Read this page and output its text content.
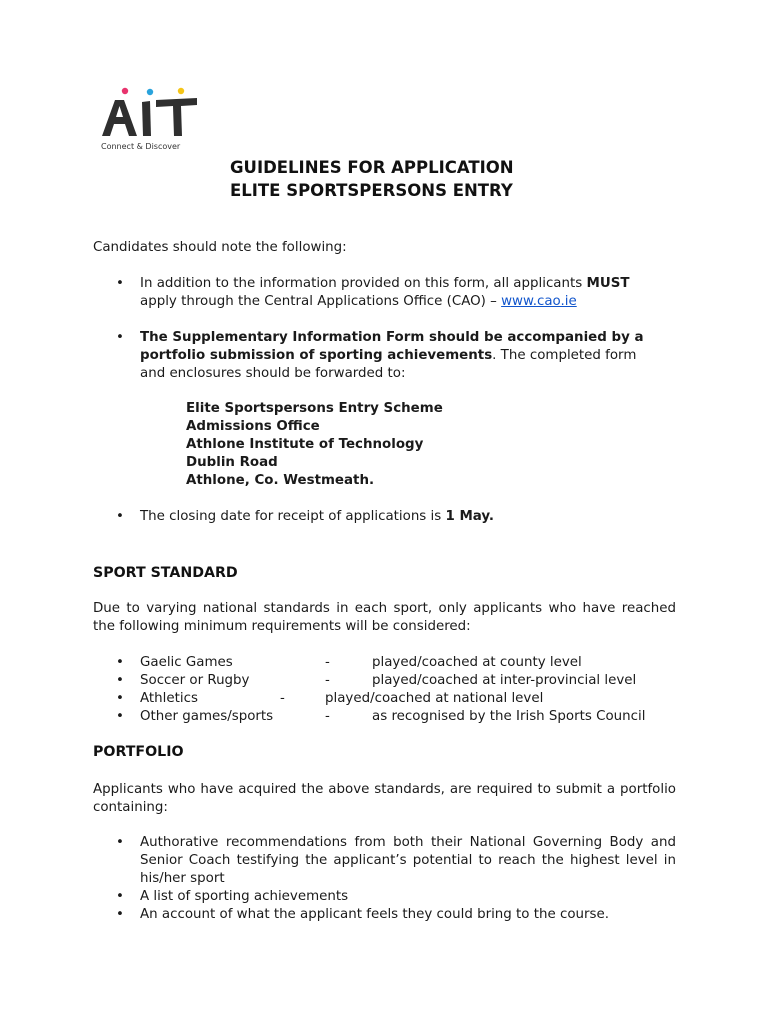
Connect & Discover
GUIDELINES FOR APPLICATION
ELITE SPORTSPERSONS ENTRY
Candidates should note the following:
• In addition to the information provided on this form, all applicants MUST
apply through the Central Applications Office (CAO) – www.cao.ie
• The Supplementary Information Form should be accompanied by a
portfolio submission of sporting achievements. The completed form
and enclosures should be forwarded to:
Elite Sportspersons Entry Scheme
Admissions Office
Athlone Institute of Technology
Dublin Road
Athlone, Co. Westmeath.
• The closing date for receipt of applications is 1 May.
SPORT STANDARD
Due to varying national standards in each sport, only applicants who have reached the following minimum requirements will be considered:
• Gaelic Games	-	played/coached at county level
• Soccer or Rugby	-	played/coached at inter-provincial level
• Athletics	-	played/coached at national level
• Other games/sports	-	as recognised by the Irish Sports Council
PORTFOLIO
Applicants who have acquired the above standards, are required to submit a portfolio containing:
• Authorative recommendations from both their National Governing Body and Senior Coach testifying the applicant’s potential to reach the highest level in his/her sport
• A list of sporting achievements
• An account of what the applicant feels they could bring to the course.
